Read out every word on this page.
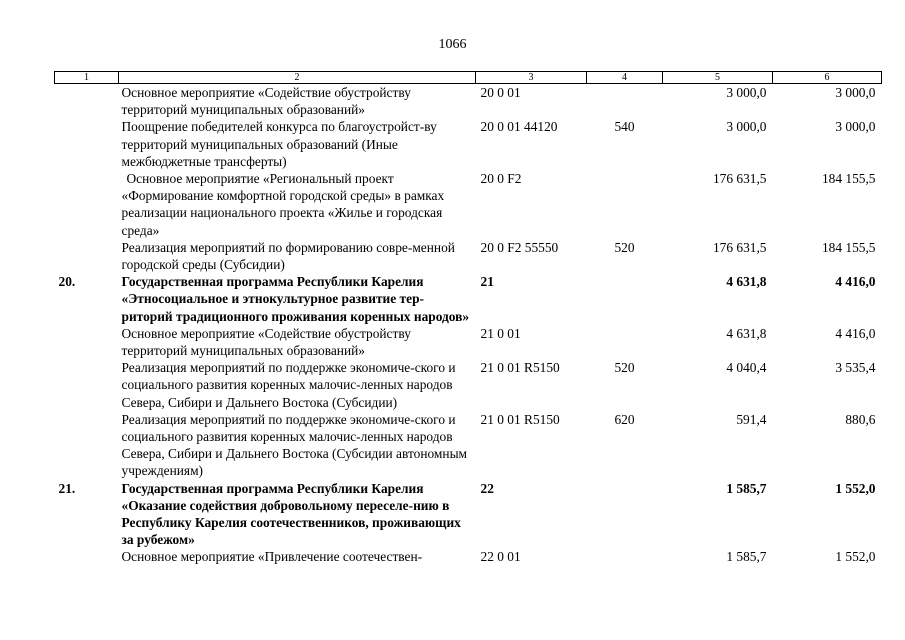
1066
1	2	3	4	5	6
	Основное мероприятие «Содействие обустройству территорий муниципальных образований»	20 0 01		3 000,0	3 000,0
	Поощрение победителей конкурса по благоустройст-ву территорий муниципальных образований (Иные межбюджетные трансферты)	20 0 01 44120	540	3 000,0	3 000,0
	Основное мероприятие «Региональный проект «Формирование комфортной городской среды» в рамках реализации национального проекта «Жилье и городская среда»	20 0 F2		176 631,5	184 155,5
	Реализация мероприятий по формированию совре-менной городской среды (Субсидии)	20 0 F2 55550	520	176 631,5	184 155,5
20.	Государственная программа Республики Карелия «Этносоциальное и этнокультурное развитие тер-риторий традиционного проживания коренных народов»	21		4 631,8	4 416,0
	Основное мероприятие «Содействие обустройству территорий муниципальных образований»	21 0 01		4 631,8	4 416,0
	Реализация мероприятий по поддержке экономиче-ского и социального развития коренных малочис-ленных народов Севера, Сибири и Дальнего Востока (Субсидии)	21 0 01 R5150	520	4 040,4	3 535,4
	Реализация мероприятий по поддержке экономиче-ского и социального развития коренных малочис-ленных народов Севера, Сибири и Дальнего Востока (Субсидии автономным учреждениям)	21 0 01 R5150	620	591,4	880,6
21.	Государственная программа Республики Карелия «Оказание содействия добровольному переселе-нию в Республику Карелия соотечественников, проживающих за рубежом»	22		1 585,7	1 552,0
	Основное мероприятие «Привлечение соотечествен-	22 0 01		1 585,7	1 552,0
